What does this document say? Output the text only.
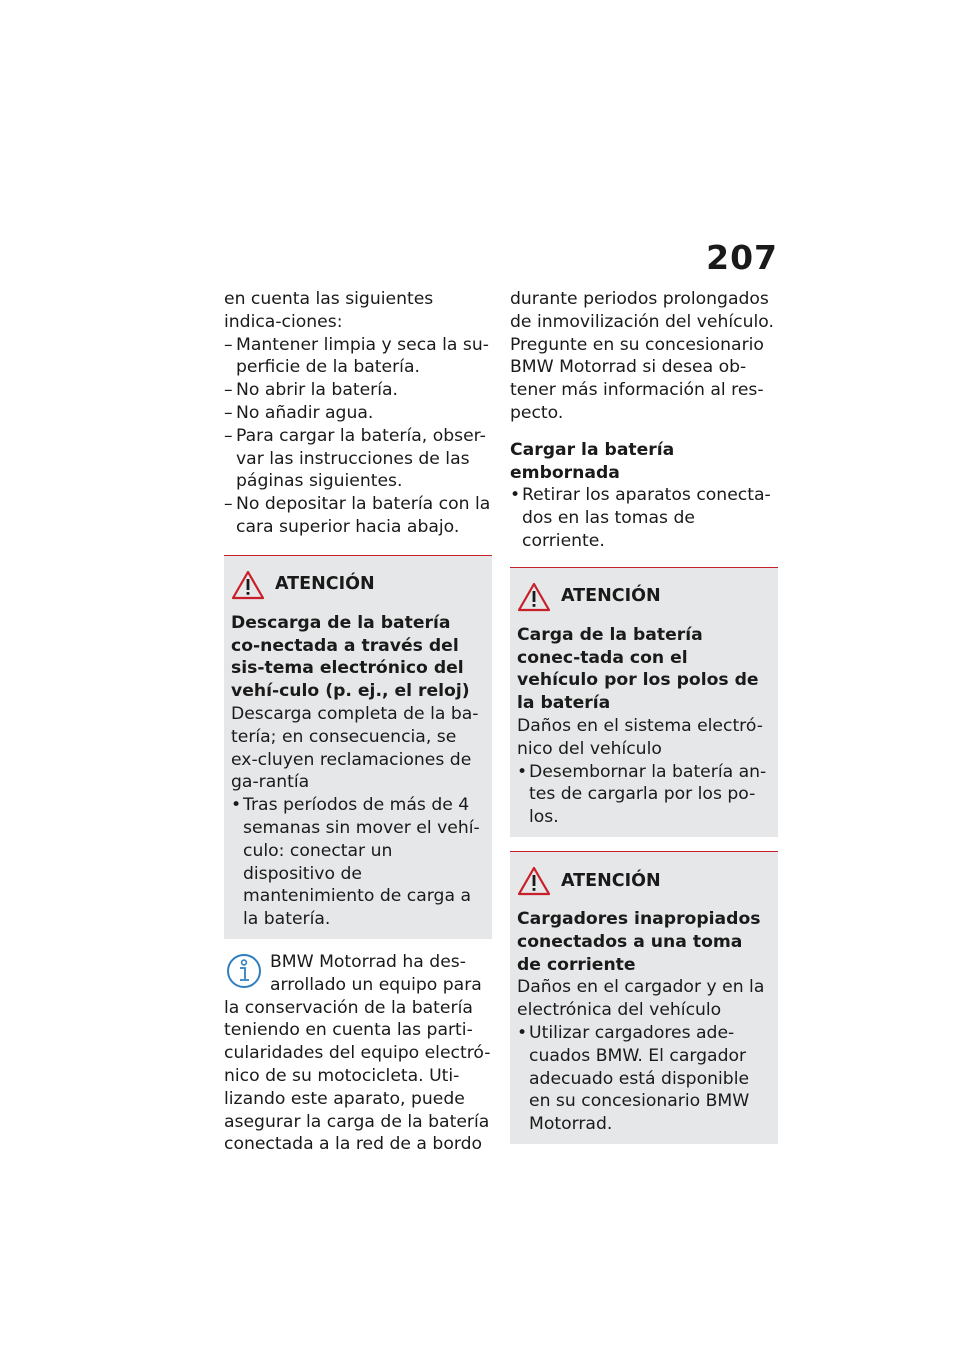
207

en cuenta las siguientes indica-ciones:

– Mantener limpia y seca la su-perficie de la batería.
– No abrir la batería.
– No añadir agua.
– Para cargar la batería, obser-var las instrucciones de las páginas siguientes.
– No depositar la batería con la cara superior hacia abajo.
ATENCIÓN
Descarga de la batería co-nectada a través del sis-tema electrónico del vehí-culo (p. ej., el reloj)
Descarga completa de la ba-tería; en consecuencia, se ex-cluyen reclamaciones de ga-rantía
• Tras períodos de más de 4 semanas sin mover el vehí-culo: conectar un dispositivo de mantenimiento de carga a la batería.
BMW Motorrad ha des-arrollado un equipo para la conservación de la batería teniendo en cuenta las parti-cularidades del equipo electró-nico de su motocicleta. Uti-lizando este aparato, puede asegurar la carga de la batería conectada a la red de a bordo

durante periodos prolongados de inmovilización del vehículo. Pregunte en su concesionario BMW Motorrad si desea ob-tener más información al res-pecto.

Cargar la batería embornada
• Retirar los aparatos conecta-dos en las tomas de corriente.
ATENCIÓN
Carga de la batería conec-tada con el vehículo por los polos de la batería
Daños en el sistema electró-nico del vehículo
• Desembornar la batería an-tes de cargarla por los po-los.
ATENCIÓN
Cargadores inapropiados conectados a una toma de corriente
Daños en el cargador y en la electrónica del vehículo
• Utilizar cargadores ade-cuados BMW. El cargador adecuado está disponible en su concesionario BMW Motorrad.
